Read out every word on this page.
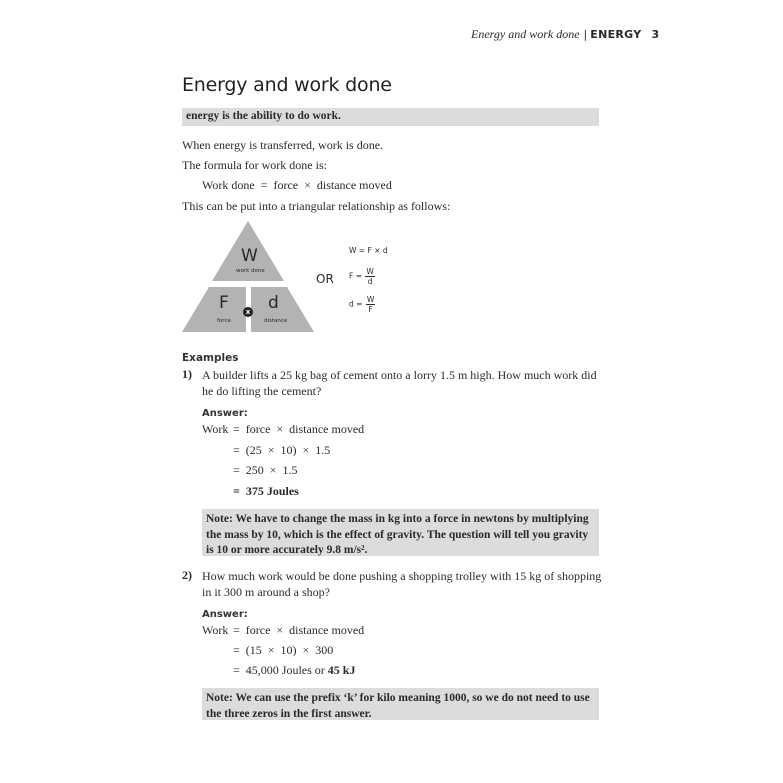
Energy and work done | ENERGY 3
Energy and work done
energy is the ability to do work.
When energy is transferred, work is done.
The formula for work done is:
Work done  =  force  ×  distance moved
This can be put into a triangular relationship as follows:
W
work done
F
force
d
distance
x
OR
W = F × d
$F = \frac{W}{d}$
$d = \frac{W}{F}$
Examples
1) A builder lifts a 25 kg bag of cement onto a lorry 1.5 m high. How much work did he do lifting the cement?
Answer:
Work =  force  ×  distance moved
=  (25  ×  10)  ×  1.5
=  250  ×  1.5
=  375 Joules
Note: We have to change the mass in kg into a force in newtons by multiplying the mass by 10, which is the effect of gravity. The question will tell you gravity is 10 or more accurately 9.8 m/s².
2) How much work would be done pushing a shopping trolley with 15 kg of shopping in it 300 m around a shop?
Answer:
Work =  force  ×  distance moved
=  (15  ×  10)  ×  300
=  45,000 Joules or 45 kJ
Note: We can use the prefix ‘k’ for kilo meaning 1000, so we do not need to use the three zeros in the first answer.
